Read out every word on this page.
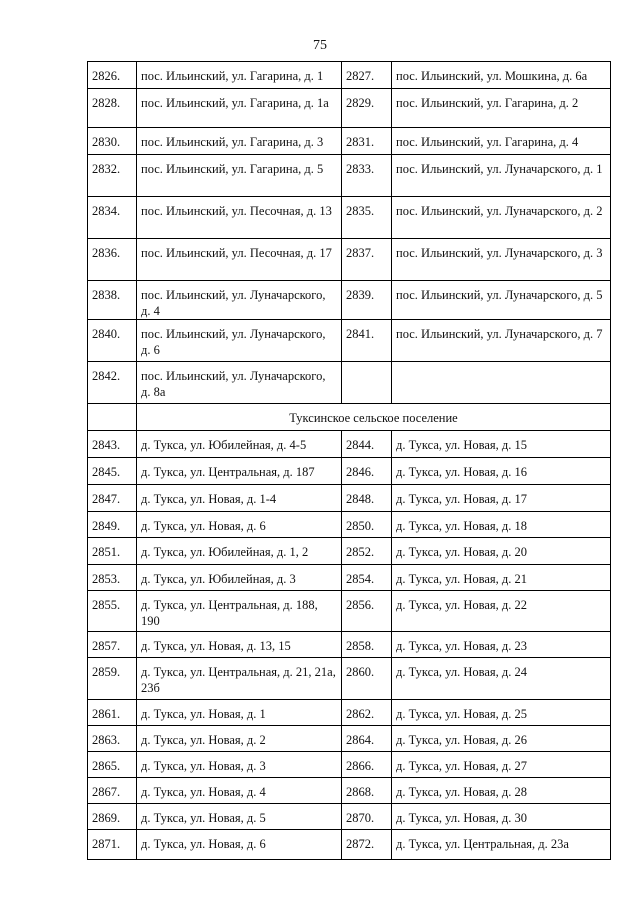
75
2826.	пос. Ильинский, ул. Гагарина, д. 1	2827.	пос. Ильинский, ул. Мошкина, д. 6а
2828.	пос. Ильинский, ул. Гагарина, д. 1а	2829.	пос. Ильинский, ул. Гагарина, д. 2
2830.	пос. Ильинский, ул. Гагарина, д. 3	2831.	пос. Ильинский, ул. Гагарина, д. 4
2832.	пос. Ильинский, ул. Гагарина, д. 5	2833.	пос. Ильинский, ул. Луначарского, д. 1
2834.	пос. Ильинский, ул. Песочная, д. 13	2835.	пос. Ильинский, ул. Луначарского, д. 2
2836.	пос. Ильинский, ул. Песочная, д. 17	2837.	пос. Ильинский, ул. Луначарского, д. 3
2838.	пос. Ильинский, ул. Луначарского, д. 4	2839.	пос. Ильинский, ул. Луначарского, д. 5
2840.	пос. Ильинский, ул. Луначарского, д. 6	2841.	пос. Ильинский, ул. Луначарского, д. 7
2842.	пос. Ильинский, ул. Луначарского, д. 8а		
	Туксинское сельское поселение		
2843.	д. Тукса, ул. Юбилейная, д. 4-5	2844.	д. Тукса, ул. Новая, д. 15
2845.	д. Тукса, ул. Центральная, д. 187	2846.	д. Тукса, ул. Новая, д. 16
2847.	д. Тукса, ул. Новая, д. 1-4	2848.	д. Тукса, ул. Новая, д. 17
2849.	д. Тукса, ул. Новая, д. 6	2850.	д. Тукса, ул. Новая, д. 18
2851.	д. Тукса, ул. Юбилейная, д. 1, 2	2852.	д. Тукса, ул. Новая, д. 20
2853.	д. Тукса, ул. Юбилейная, д. 3	2854.	д. Тукса, ул. Новая, д. 21
2855.	д. Тукса, ул. Центральная, д. 188, 190	2856.	д. Тукса, ул. Новая, д. 22
2857.	д. Тукса, ул. Новая, д. 13, 15	2858.	д. Тукса, ул. Новая, д. 23
2859.	д. Тукса, ул. Центральная, д. 21, 21а, 23б	2860.	д. Тукса, ул. Новая, д. 24
2861.	д. Тукса, ул. Новая, д. 1	2862.	д. Тукса, ул. Новая, д. 25
2863.	д. Тукса, ул. Новая, д. 2	2864.	д. Тукса, ул. Новая, д. 26
2865.	д. Тукса, ул. Новая, д. 3	2866.	д. Тукса, ул. Новая, д. 27
2867.	д. Тукса, ул. Новая, д. 4	2868.	д. Тукса, ул. Новая, д. 28
2869.	д. Тукса, ул. Новая, д. 5	2870.	д. Тукса, ул. Новая, д. 30
2871.	д. Тукса, ул. Новая, д. 6	2872.	д. Тукса, ул. Центральная, д. 23а
